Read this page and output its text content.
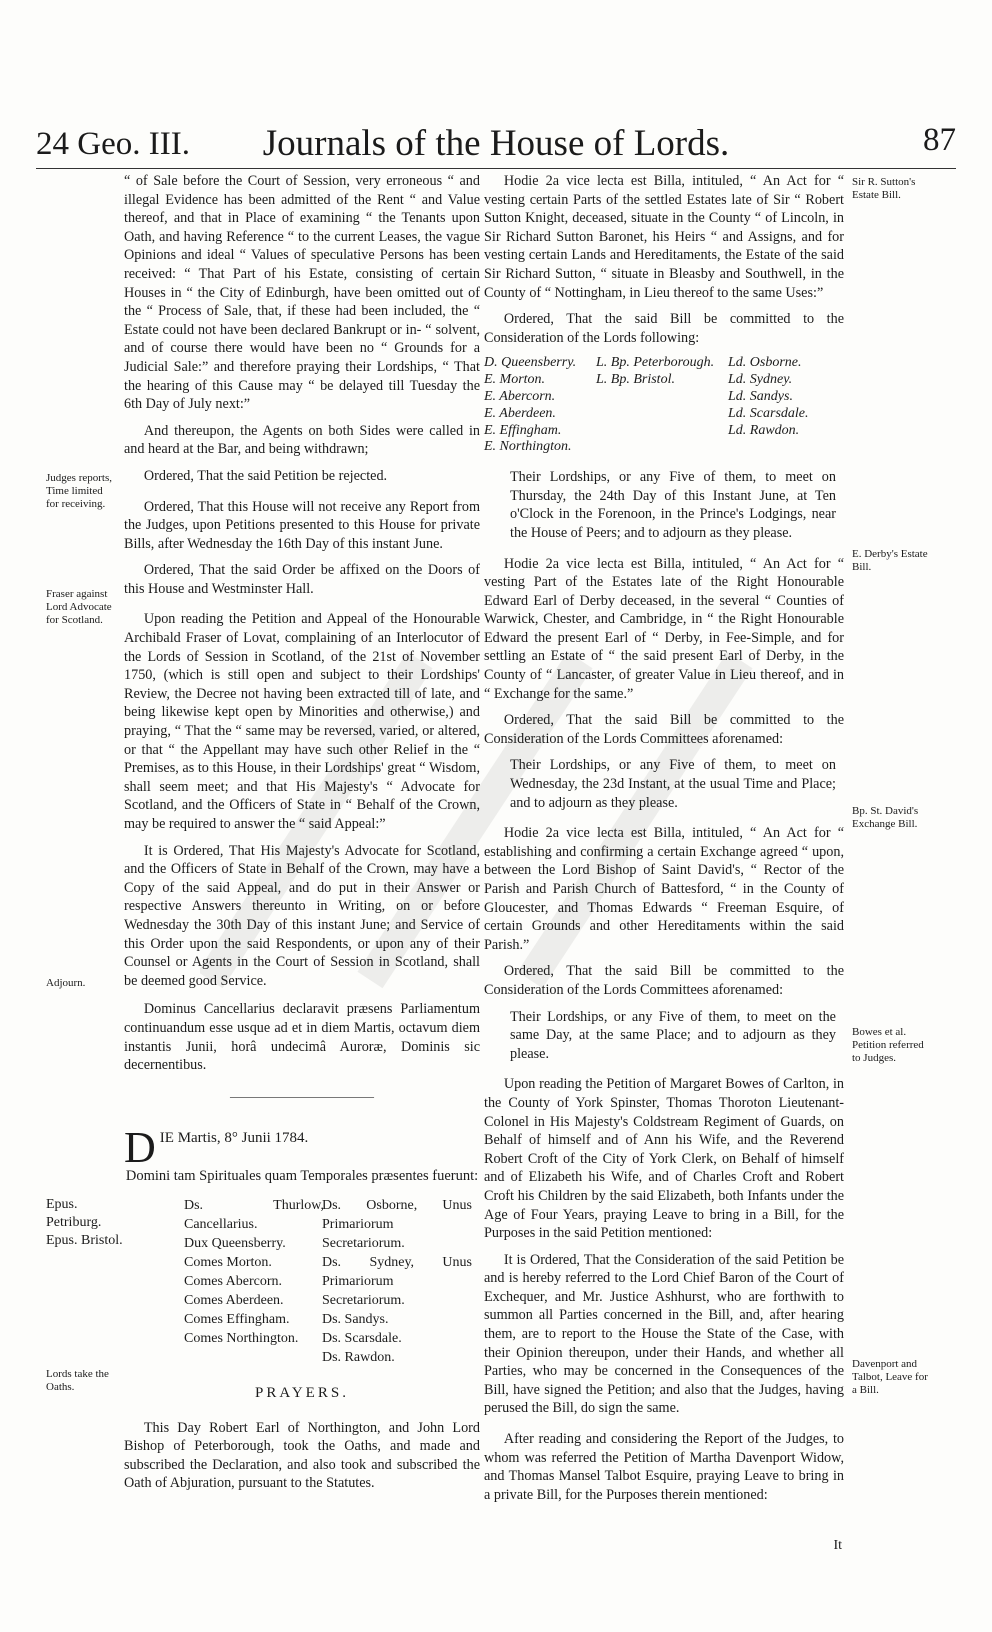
24 Geo. III.	Journals of the House of Lords.	87
Judges reports, Time limited for receiving.
Fraser against Lord Advocate for Scotland.
Adjourn.
Lords take the Oaths.
Sir R. Sutton's Estate Bill.
E. Derby's Estate Bill.
Bp. St. David's Exchange Bill.
Bowes et al. Petition referred to Judges.
Davenport and Talbot, Leave for a Bill.

“ of Sale before the Court of Session, very erroneous “ and illegal Evidence has been admitted of the Rent “ and Value thereof, and that in Place of examining “ the Tenants upon Oath, and having Reference “ to the current Leases, the vague Opinions and ideal “ Values of speculative Persons has been received: “ That Part of his Estate, consisting of certain Houses in “ the City of Edinburgh, have been omitted out of the “ Process of Sale, that, if these had been included, the “ Estate could not have been declared Bankrupt or in- “ solvent, and of course there would have been no “ Grounds for a Judicial Sale:” and therefore praying their Lordships, “ That the hearing of this Cause may “ be delayed till Tuesday the 6th Day of July next:”

And thereupon, the Agents on both Sides were called in and heard at the Bar, and being withdrawn;

Ordered, That the said Petition be rejected.

Ordered, That this House will not receive any Report from the Judges, upon Petitions presented to this House for private Bills, after Wednesday the 16th Day of this instant June.

Ordered, That the said Order be affixed on the Doors of this House and Westminster Hall.

Upon reading the Petition and Appeal of the Honourable Archibald Fraser of Lovat, complaining of an Interlocutor of the Lords of Session in Scotland, of the 21st of November 1750, (which is still open and subject to their Lordships' Review, the Decree not having been extracted till of late, and being likewise kept open by Minorities and otherwise,) and praying, “ That the “ same may be reversed, varied, or altered, or that “ the Appellant may have such other Relief in the “ Premises, as to this House, in their Lordships' great “ Wisdom, shall seem meet; and that His Majesty's “ Advocate for Scotland, and the Officers of State in “ Behalf of the Crown, may be required to answer the “ said Appeal:”

It is Ordered, That His Majesty's Advocate for Scotland, and the Officers of State in Behalf of the Crown, may have a Copy of the said Appeal, and do put in their Answer or respective Answers thereunto in Writing, on or before Wednesday the 30th Day of this instant June; and Service of this Order upon the said Respondents, or upon any of their Counsel or Agents in the Court of Session in Scotland, shall be deemed good Service.

Dominus Cancellarius declaravit præsens Parliamentum continuandum esse usque ad et in diem Martis, octavum diem instantis Junii, horâ undecimâ Auroræ, Dominis sic decernentibus.

————————————
D IE Martis, 8° Junii 1784.
Domini tam Spirituales quam Temporales præsentes fuerunt:
Epus. Petriburg.
Epus. Bristol.
Ds. Thurlow, Cancellarius.
Dux Queensberry.
Comes Morton.
Comes Abercorn.
Comes Aberdeen.
Comes Effingham.
Comes Northington.
Ds. Osborne, Unus Primariorum Secretariorum.
Ds. Sydney, Unus Primariorum Secretariorum.
Ds. Sandys.
Ds. Scarsdale.
Ds. Rawdon.
PRAYERS.

This Day Robert Earl of Northington, and John Lord Bishop of Peterborough, took the Oaths, and made and subscribed the Declaration, and also took and subscribed the Oath of Abjuration, pursuant to the Statutes.

Hodie 2a vice lecta est Billa, intituled, “ An Act for “ vesting certain Parts of the settled Estates late of Sir “ Robert Sutton Knight, deceased, situate in the County “ of Lincoln, in Sir Richard Sutton Baronet, his Heirs “ and Assigns, and for vesting certain Lands and Hereditaments, the Estate of the said Sir Richard Sutton, “ situate in Bleasby and Southwell, in the County of “ Nottingham, in Lieu thereof to the same Uses:”

Ordered, That the said Bill be committed to the Consideration of the Lords following:

D. Queensberry.
E. Morton.
E. Abercorn.
E. Aberdeen.
E. Effingham.
E. Northington.
L. Bp. Peterborough.
L. Bp. Bristol.
Ld. Osborne.
Ld. Sydney.
Ld. Sandys.
Ld. Scarsdale.
Ld. Rawdon.

Their Lordships, or any Five of them, to meet on Thursday, the 24th Day of this Instant June, at Ten o'Clock in the Forenoon, in the Prince's Lodgings, near the House of Peers; and to adjourn as they please.

Hodie 2a vice lecta est Billa, intituled, “ An Act for “ vesting Part of the Estates late of the Right Honourable Edward Earl of Derby deceased, in the several “ Counties of Warwick, Chester, and Cambridge, in “ the Right Honourable Edward the present Earl of “ Derby, in Fee-Simple, and for settling an Estate of “ the said present Earl of Derby, in the County of “ Lancaster, of greater Value in Lieu thereof, and in “ Exchange for the same.”

Ordered, That the said Bill be committed to the Consideration of the Lords Committees aforenamed:

Their Lordships, or any Five of them, to meet on Wednesday, the 23d Instant, at the usual Time and Place; and to adjourn as they please.

Hodie 2a vice lecta est Billa, intituled, “ An Act for “ establishing and confirming a certain Exchange agreed “ upon, between the Lord Bishop of Saint David's, “ Rector of the Parish and Parish Church of Battesford, “ in the County of Gloucester, and Thomas Edwards “ Freeman Esquire, of certain Grounds and other Hereditaments within the said Parish.”

Ordered, That the said Bill be committed to the Consideration of the Lords Committees aforenamed:

Their Lordships, or any Five of them, to meet on the same Day, at the same Place; and to adjourn as they please.

Upon reading the Petition of Margaret Bowes of Carlton, in the County of York Spinster, Thomas Thoroton Lieutenant-Colonel in His Majesty's Coldstream Regiment of Guards, on Behalf of himself and of Ann his Wife, and the Reverend Robert Croft of the City of York Clerk, on Behalf of himself and of Elizabeth his Wife, and of Charles Croft and Robert Croft his Children by the said Elizabeth, both Infants under the Age of Four Years, praying Leave to bring in a Bill, for the Purposes in the said Petition mentioned:

It is Ordered, That the Consideration of the said Petition be and is hereby referred to the Lord Chief Baron of the Court of Exchequer, and Mr. Justice Ashhurst, who are forthwith to summon all Parties concerned in the Bill, and, after hearing them, are to report to the House the State of the Case, with their Opinion thereupon, under their Hands, and whether all Parties, who may be concerned in the Consequences of the Bill, have signed the Petition; and also that the Judges, having perused the Bill, do sign the same.

After reading and considering the Report of the Judges, to whom was referred the Petition of Martha Davenport Widow, and Thomas Mansel Talbot Esquire, praying Leave to bring in a private Bill, for the Purposes therein mentioned:

It
